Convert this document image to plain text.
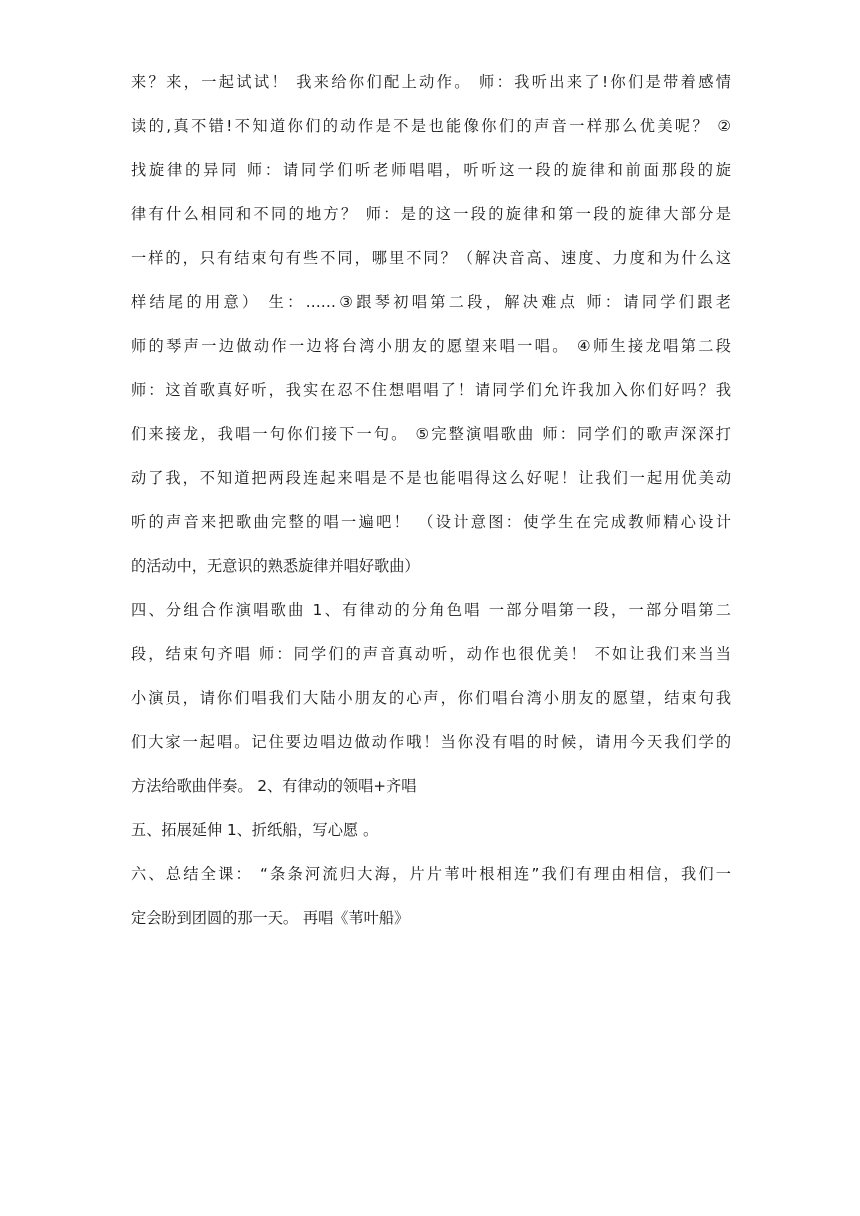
来？来，一起试试！ 我来给你们配上动作。 师：我听出来了!你们是带着感情
读的,真不错!不知道你们的动作是不是也能像你们的声音一样那么优美呢？ ②
找旋律的异同 师：请同学们听老师唱唱，听听这一段的旋律和前面那段的旋
律有什么相同和不同的地方？ 师：是的这一段的旋律和第一段的旋律大部分是
一样的，只有结束句有些不同，哪里不同？（解决音高、速度、力度和为什么这
样结尾的用意） 生：……③跟琴初唱第二段，解决难点 师：请同学们跟老
师的琴声一边做动作一边将台湾小朋友的愿望来唱一唱。 ④师生接龙唱第二段
师：这首歌真好听，我实在忍不住想唱唱了！请同学们允许我加入你们好吗？我
们来接龙，我唱一句你们接下一句。 ⑤完整演唱歌曲 师：同学们的歌声深深打
动了我，不知道把两段连起来唱是不是也能唱得这么好呢！让我们一起用优美动
听的声音来把歌曲完整的唱一遍吧！ （设计意图：使学生在完成教师精心设计
的活动中，无意识的熟悉旋律并唱好歌曲）
四、分组合作演唱歌曲 1、有律动的分角色唱 一部分唱第一段，一部分唱第二
段，结束句齐唱 师：同学们的声音真动听，动作也很优美！ 不如让我们来当当
小演员，请你们唱我们大陆小朋友的心声，你们唱台湾小朋友的愿望，结束句我
们大家一起唱。记住要边唱边做动作哦！当你没有唱的时候，请用今天我们学的
方法给歌曲伴奏。 2、有律动的领唱+齐唱
五、拓展延伸 1、折纸船，写心愿 。
六、总结全课： “条条河流归大海，片片苇叶根相连”我们有理由相信，我们一
定会盼到团圆的那一天。 再唱《苇叶船》
